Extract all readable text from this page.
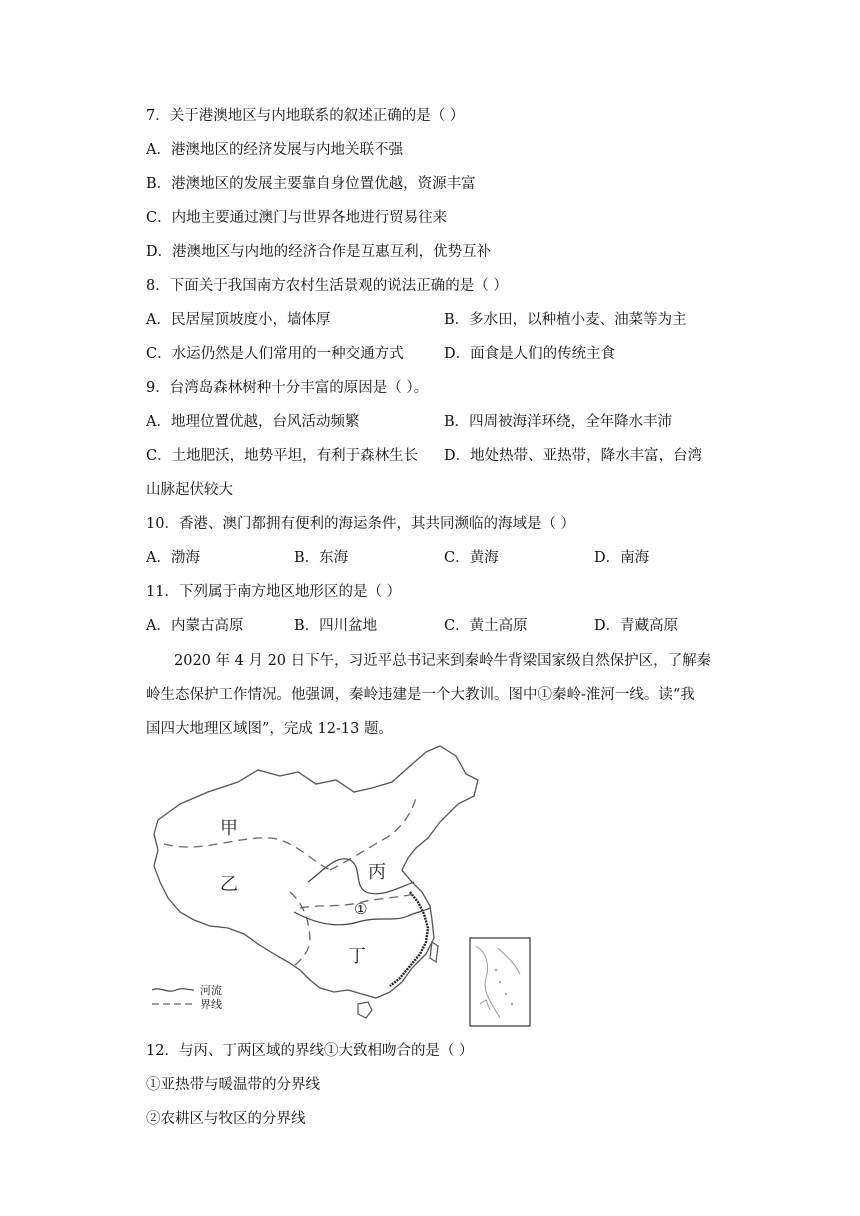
7．关于港澳地区与内地联系的叙述正确的是（ ）
A．港澳地区的经济发展与内地关联不强
B．港澳地区的发展主要靠自身位置优越，资源丰富
C．内地主要通过澳门与世界各地进行贸易往来
D．港澳地区与内地的经济合作是互惠互利，优势互补
8．下面关于我国南方农村生活景观的说法正确的是（ ）
A．民居屋顶坡度小，墙体厚	B．多水田，以种植小麦、油菜等为主
C．水运仍然是人们常用的一种交通方式	D．面食是人们的传统主食
9．台湾岛森林树种十分丰富的原因是（ ）。
A．地理位置优越，台风活动频繁	B．四周被海洋环绕，全年降水丰沛
C．土地肥沃，地势平坦，有利于森林生长 D．地处热带、亚热带，降水丰富，台湾
山脉起伏较大
10．香港、澳门都拥有便利的海运条件，其共同濒临的海域是（ ）
A．渤海	B．东海	C．黄海	D．南海
11．下列属于南方地区地形区的是（ ）
A．内蒙古高原	B．四川盆地	C．黄土高原	D．青藏高原

2020 年 4 月 20 日下午，习近平总书记来到秦岭牛背梁国家级自然保护区，了解秦

岭生态保护工作情况。他强调，秦岭违建是一个大教训。图中①秦岭-淮河一线。读“我

国四大地理区域图”，完成 12-13 题。

甲
乙
丙
丁
①
河流
界线
12．与丙、丁两区域的界线①大致相吻合的是（ ）
①亚热带与暖温带的分界线
②农耕区与牧区的分界线
